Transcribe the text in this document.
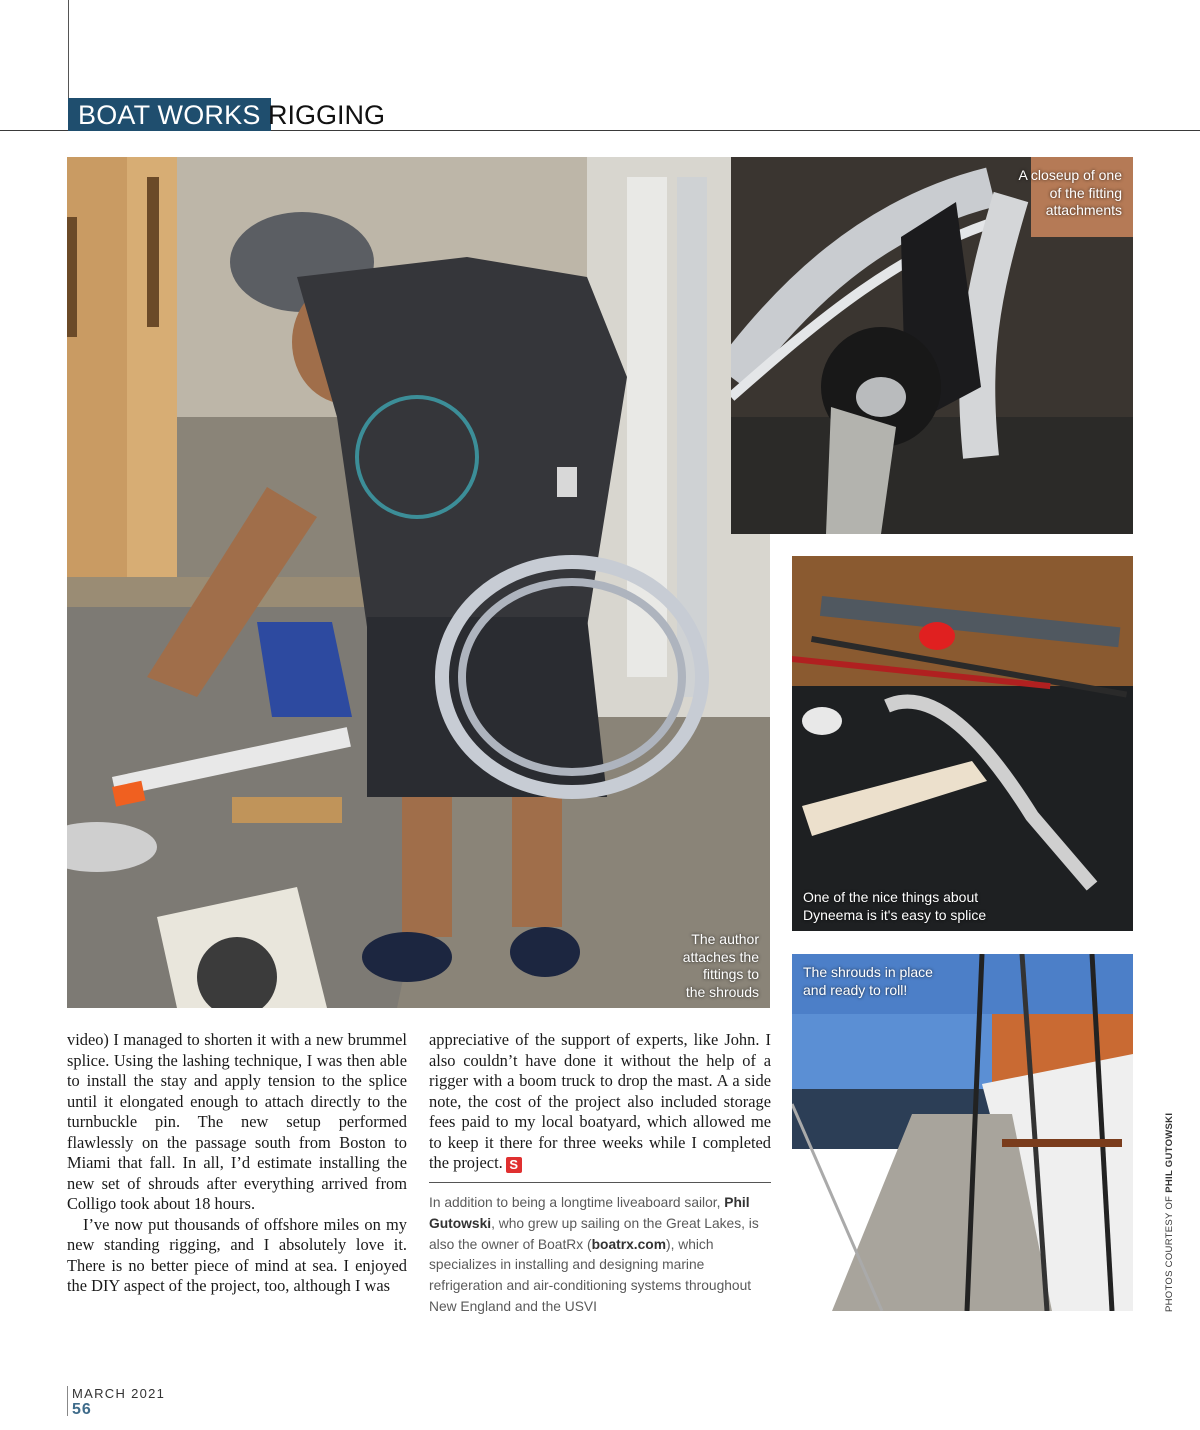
BOAT WORKS RIGGING
The author
attaches the
fittings to
the shrouds
A closeup of one
of the fitting
attachments
One of the nice things about
Dyneema is it's easy to splice
The shrouds in place
and ready to roll!

video) I managed to shorten it with a new brummel splice. Using the lashing technique, I was then able to install the stay and apply tension to the splice until it elongated enough to attach directly to the turnbuckle pin. The new setup performed flawlessly on the passage south from Boston to Miami that fall. In all, I’d estimate installing the new set of shrouds after everything arrived from Colligo took about 18 hours.

I’ve now put thousands of offshore miles on my new standing rigging, and I absolutely love it. There is no better piece of mind at sea. I enjoyed the DIY aspect of the project, too, although I was

appreciative of the support of experts, like John. I also couldn’t have done it without the help of a rigger with a boom truck to drop the mast. A a side note, the cost of the project also included storage fees paid to my local boatyard, which allowed me to keep it there for three weeks while I completed the project. S

In addition to being a longtime liveaboard sailor, Phil Gutowski, who grew up sailing on the Great Lakes, is also the owner of BoatRx (boatrx.com), which specializes in installing and designing marine refrigeration and air-conditioning systems throughout New England and the USVI	PHOTOS COURTESY OF PHIL GUTOWSKI
MARCH 2021
56
